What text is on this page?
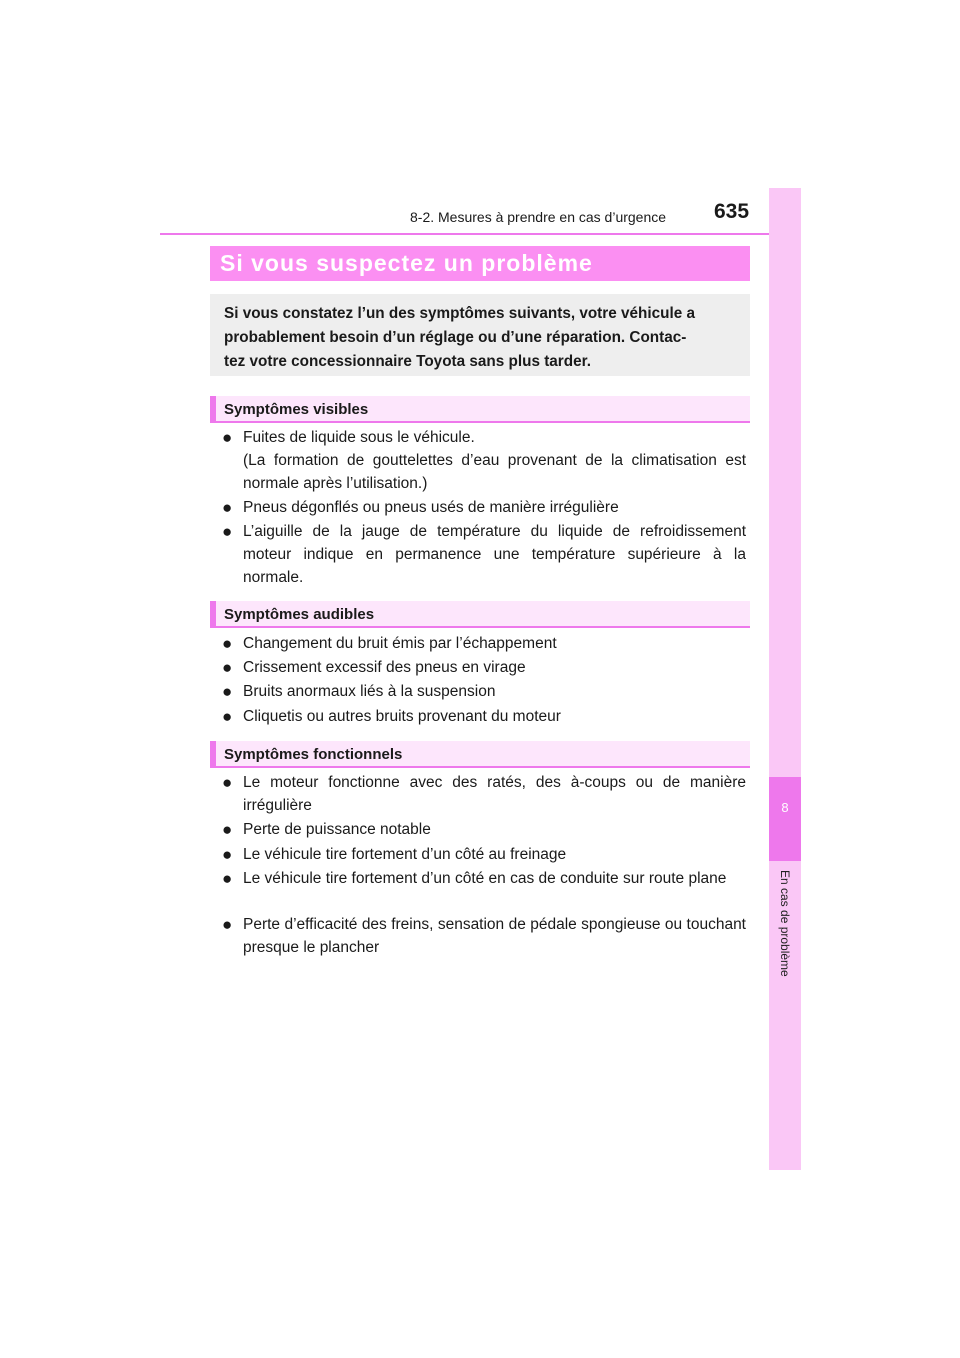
8-2. Mesures à prendre en cas d’urgence 635
8
En cas de problème
Si vous suspectez un problème
Si vous constatez l’un des symptômes suivants, votre véhicule a
probablement besoin d’un réglage ou d’une réparation. Contac-
tez votre concessionnaire Toyota sans plus tarder.
Symptômes visibles
● Fuites de liquide sous le véhicule.
(La formation de gouttelettes d’eau provenant de la climatisation est normale après l’utilisation.)
● Pneus dégonflés ou pneus usés de manière irrégulière
● L’aiguille de la jauge de température du liquide de refroidissement moteur indique en permanence une température supérieure à la normale.
Symptômes audibles
● Changement du bruit émis par l’échappement
● Crissement excessif des pneus en virage
● Bruits anormaux liés à la suspension
● Cliquetis ou autres bruits provenant du moteur
Symptômes fonctionnels
● Le moteur fonctionne avec des ratés, des à-coups ou de manière irrégulière
● Perte de puissance notable
● Le véhicule tire fortement d’un côté au freinage
● Le véhicule tire fortement d’un côté en cas de conduite sur route plane
● Perte d’efficacité des freins, sensation de pédale spongieuse ou touchant presque le plancher
